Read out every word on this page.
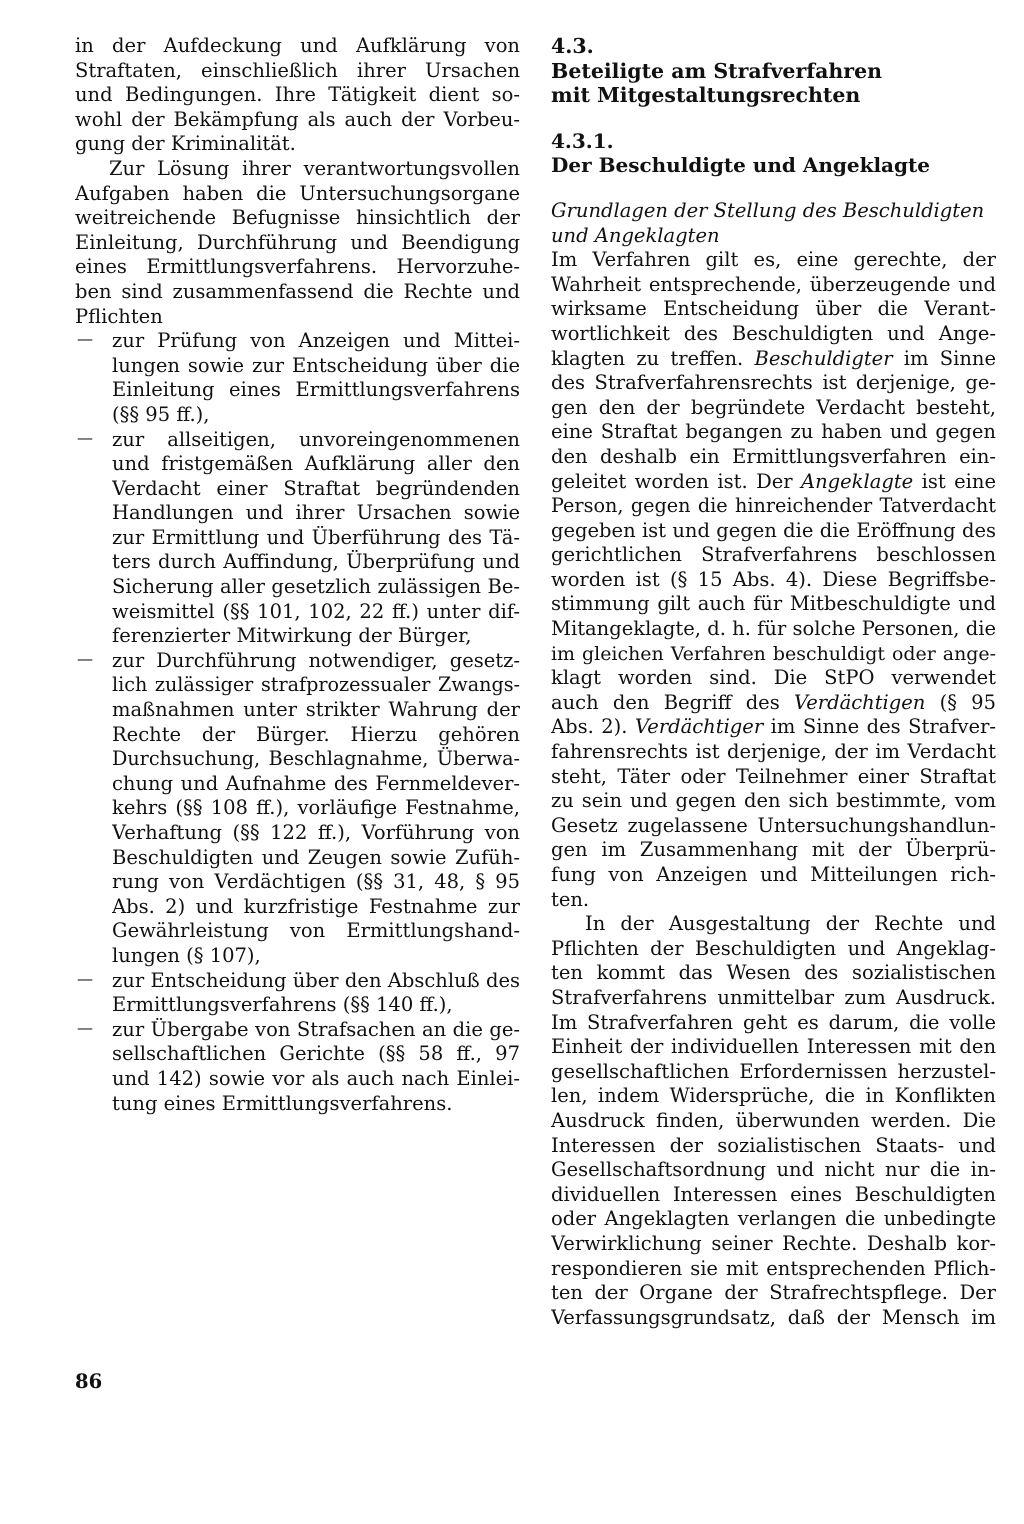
in der Aufdeckung und Aufklärung von
Straftaten, einschließlich ihrer Ursachen
und Bedingungen. Ihre Tätigkeit dient so-
wohl der Bekämpfung als auch der Vorbeu-
gung der Kriminalität.
Zur Lösung ihrer verantwortungsvollen
Aufgaben haben die Untersuchungsorgane
weitreichende Befugnisse hinsichtlich der
Einleitung, Durchführung und Beendigung
eines Ermittlungsverfahrens. Hervorzuhe-
ben sind zusammenfassend die Rechte und
Pflichten
— zur Prüfung von Anzeigen und Mittei-
lungen sowie zur Entscheidung über die
Einleitung eines Ermittlungsverfahrens
(§§ 95 ff.),
— zur allseitigen, unvoreingenommenen
und fristgemäßen Aufklärung aller den
Verdacht einer Straftat begründenden
Handlungen und ihrer Ursachen sowie
zur Ermittlung und Überführung des Tä-
ters durch Auffindung, Überprüfung und
Sicherung aller gesetzlich zulässigen Be-
weismittel (§§ 101, 102, 22 ff.) unter dif-
ferenzierter Mitwirkung der Bürger,
— zur Durchführung notwendiger, gesetz-
lich zulässiger strafprozessualer Zwangs-
maßnahmen unter strikter Wahrung der
Rechte der Bürger. Hierzu gehören
Durchsuchung, Beschlagnahme, Überwa-
chung und Aufnahme des Fernmeldever-
kehrs (§§ 108 ff.), vorläufige Festnahme,
Verhaftung (§§ 122 ff.), Vorführung von
Beschuldigten und Zeugen sowie Zufüh-
rung von Verdächtigen (§§ 31, 48, § 95
Abs. 2) und kurzfristige Festnahme zur
Gewährleistung von Ermittlungshand-
lungen (§ 107),
— zur Entscheidung über den Abschluß des
Ermittlungsverfahrens (§§ 140 ff.),
— zur Übergabe von Strafsachen an die ge-
sellschaftlichen Gerichte (§§ 58 ff., 97
und 142) sowie vor als auch nach Einlei-
tung eines Ermittlungsverfahrens.
4.3.
Beteiligte am Strafverfahren
mit Mitgestaltungsrechten
4.3.1.
Der Beschuldigte und Angeklagte
Grundlagen der Stellung des Beschuldigten
und Angeklagten
Im Verfahren gilt es, eine gerechte, der
Wahrheit entsprechende, überzeugende und
wirksame Entscheidung über die Verant-
wortlichkeit des Beschuldigten und Ange-
klagten zu treffen. Beschuldigter im Sinne
des Strafverfahrensrechts ist derjenige, ge-
gen den der begründete Verdacht besteht,
eine Straftat begangen zu haben und gegen
den deshalb ein Ermittlungsverfahren ein-
geleitet worden ist. Der Angeklagte ist eine
Person, gegen die hinreichender Tatverdacht
gegeben ist und gegen die die Eröffnung des
gerichtlichen Strafverfahrens beschlossen
worden ist (§ 15 Abs. 4). Diese Begriffsbe-
stimmung gilt auch für Mitbeschuldigte und
Mitangeklagte, d. h. für solche Personen, die
im gleichen Verfahren beschuldigt oder ange-
klagt worden sind. Die StPO verwendet
auch den Begriff des Verdächtigen (§ 95
Abs. 2). Verdächtiger im Sinne des Strafver-
fahrensrechts ist derjenige, der im Verdacht
steht, Täter oder Teilnehmer einer Straftat
zu sein und gegen den sich bestimmte, vom
Gesetz zugelassene Untersuchungshandlun-
gen im Zusammenhang mit der Überprü-
fung von Anzeigen und Mitteilungen rich-
ten.
In der Ausgestaltung der Rechte und
Pflichten der Beschuldigten und Angeklag-
ten kommt das Wesen des sozialistischen
Strafverfahrens unmittelbar zum Ausdruck.
Im Strafverfahren geht es darum, die volle
Einheit der individuellen Interessen mit den
gesellschaftlichen Erfordernissen herzustel-
len, indem Widersprüche, die in Konflikten
Ausdruck finden, überwunden werden. Die
Interessen der sozialistischen Staats- und
Gesellschaftsordnung und nicht nur die in-
dividuellen Interessen eines Beschuldigten
oder Angeklagten verlangen die unbedingte
Verwirklichung seiner Rechte. Deshalb kor-
respondieren sie mit entsprechenden Pflich-
ten der Organe der Strafrechtspflege. Der
Verfassungsgrundsatz, daß der Mensch im
86
